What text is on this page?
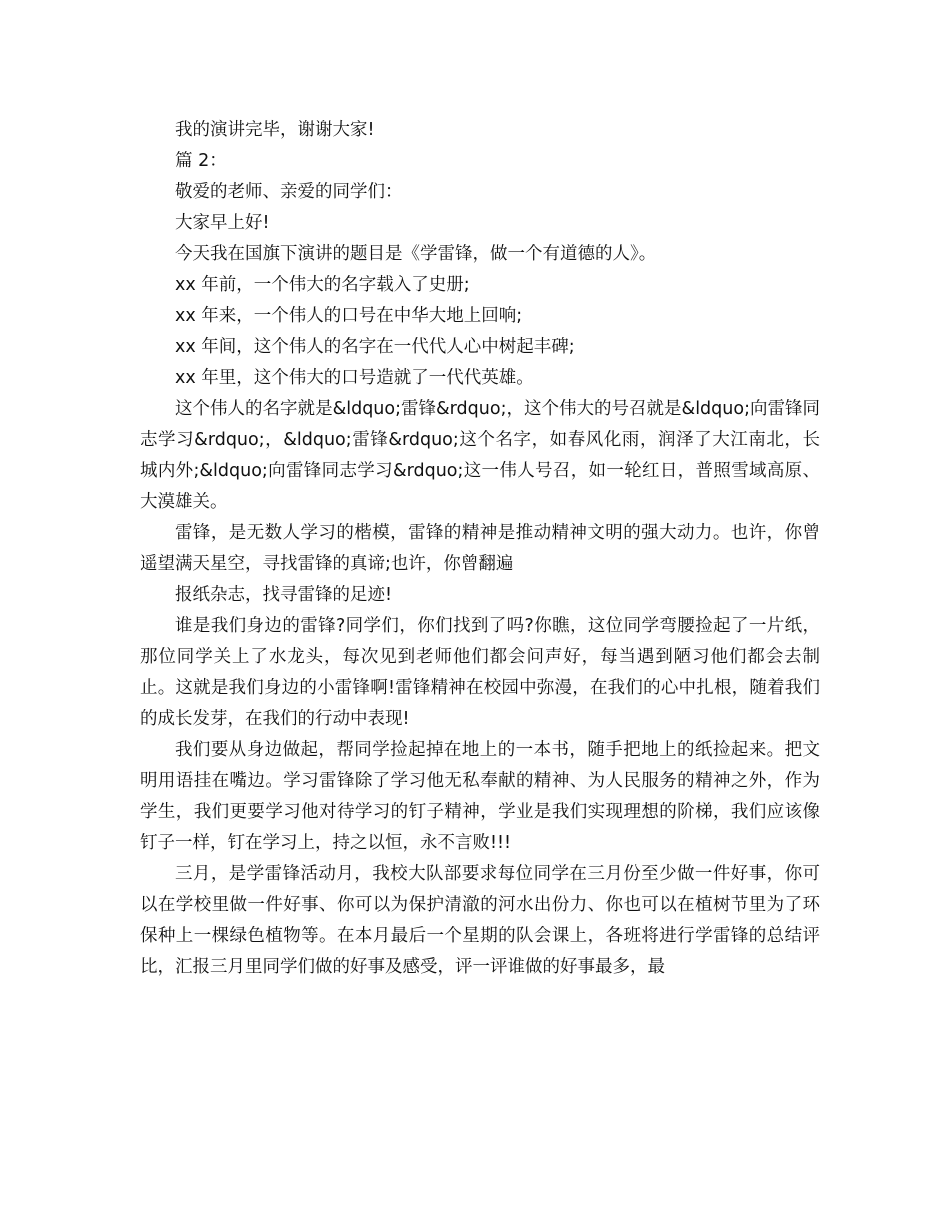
我的演讲完毕，谢谢大家!

篇 2：

敬爱的老师、亲爱的同学们：

大家早上好!

今天我在国旗下演讲的题目是《学雷锋，做一个有道德的人》。

xx 年前，一个伟大的名字载入了史册;

xx 年来，一个伟人的口号在中华大地上回响;

xx 年间，这个伟人的名字在一代代人心中树起丰碑;

xx 年里，这个伟大的口号造就了一代代英雄。

这个伟人的名字就是&ldquo;雷锋&rdquo;，这个伟大的号召就是&ldquo;向雷锋同志学习&rdquo;，&ldquo;雷锋&rdquo;这个名字，如春风化雨，润泽了大江南北，长城内外;&ldquo;向雷锋同志学习&rdquo;这一伟人号召，如一轮红日，普照雪域高原、大漠雄关。

雷锋，是无数人学习的楷模，雷锋的精神是推动精神文明的强大动力。也许，你曾遥望满天星空，寻找雷锋的真谛;也许，你曾翻遍

报纸杂志，找寻雷锋的足迹!

谁是我们身边的雷锋?同学们，你们找到了吗?你瞧，这位同学弯腰捡起了一片纸，那位同学关上了水龙头，每次见到老师他们都会问声好，每当遇到陋习他们都会去制止。这就是我们身边的小雷锋啊!雷锋精神在校园中弥漫，在我们的心中扎根，随着我们的成长发芽，在我们的行动中表现!

我们要从身边做起，帮同学捡起掉在地上的一本书，随手把地上的纸捡起来。把文明用语挂在嘴边。学习雷锋除了学习他无私奉献的精神、为人民服务的精神之外，作为学生，我们更要学习他对待学习的钉子精神，学业是我们实现理想的阶梯，我们应该像钉子一样，钉在学习上，持之以恒，永不言败!!!

三月，是学雷锋活动月，我校大队部要求每位同学在三月份至少做一件好事，你可以在学校里做一件好事、你可以为保护清澈的河水出份力、你也可以在植树节里为了环保种上一棵绿色植物等。在本月最后一个星期的队会课上，各班将进行学雷锋的总结评比，汇报三月里同学们做的好事及感受，评一评谁做的好事最多，最
